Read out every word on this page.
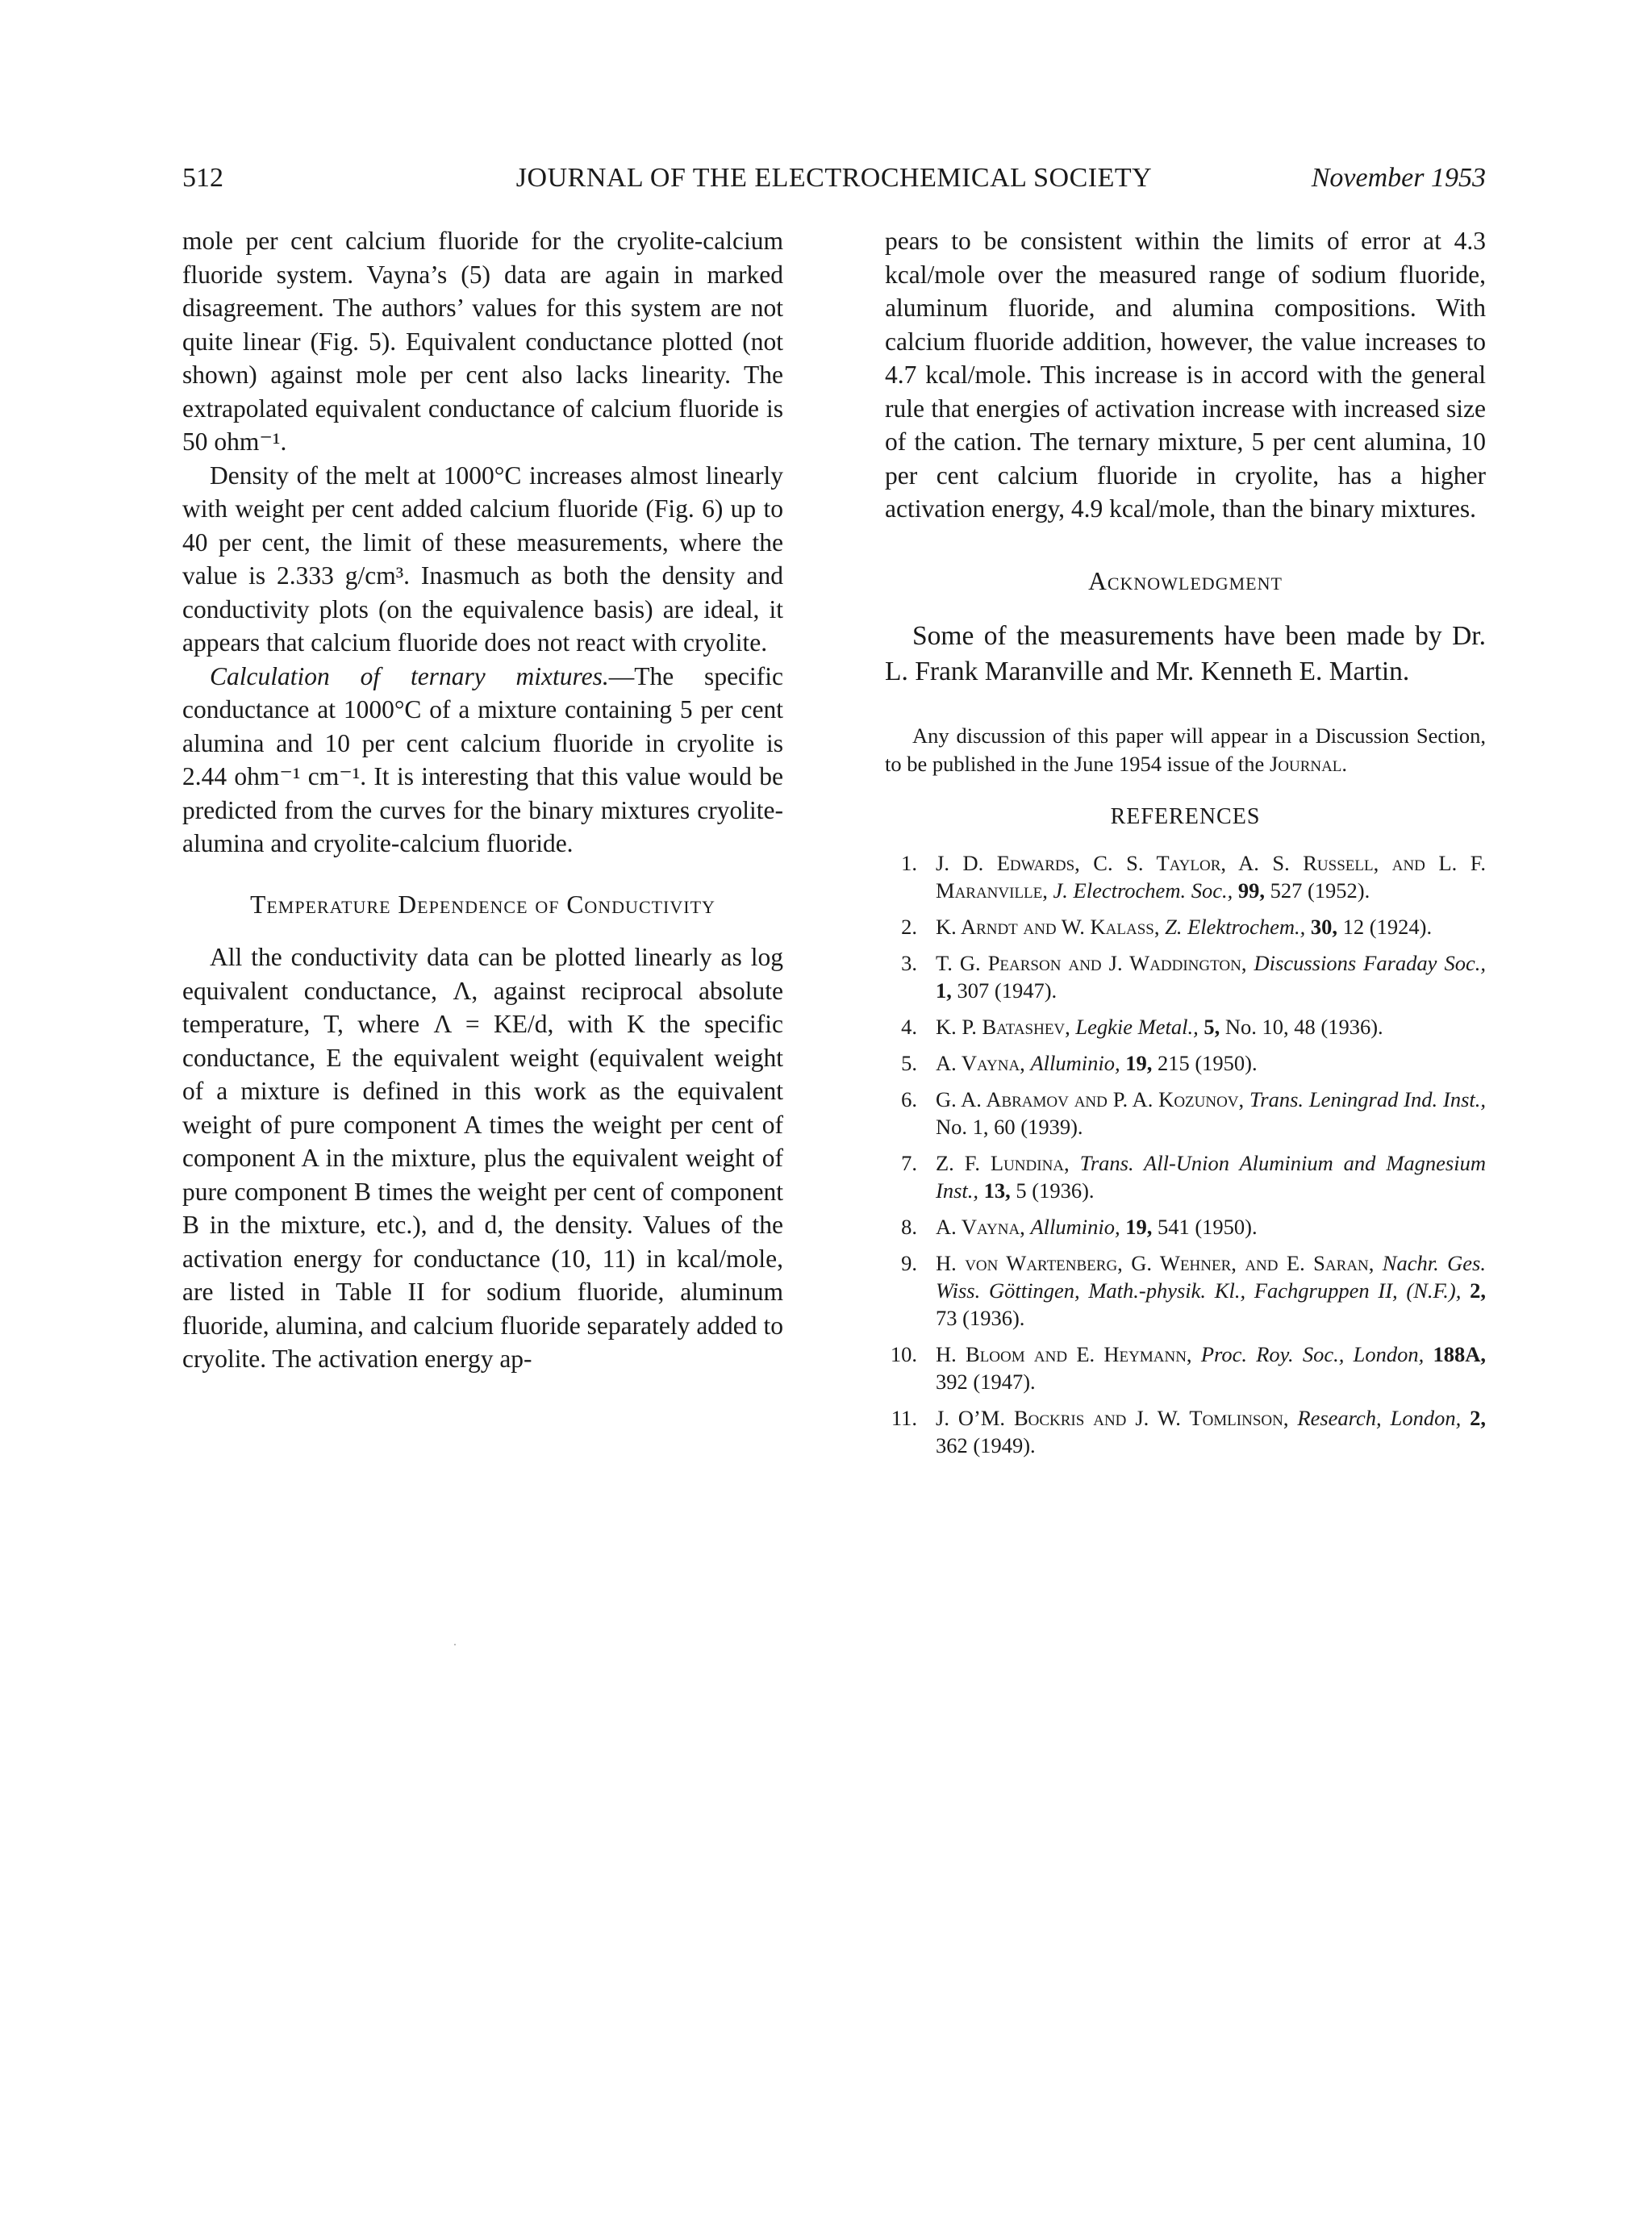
512	JOURNAL OF THE ELECTROCHEMICAL SOCIETY	November 1953

mole per cent calcium fluoride for the cryolite-calcium fluoride system. Vayna’s (5) data are again in marked disagreement. The authors’ values for this system are not quite linear (Fig. 5). Equivalent conductance plotted (not shown) against mole per cent also lacks linearity. The extrapolated equivalent conductance of calcium fluoride is 50 ohm⁻¹.

Density of the melt at 1000°C increases almost linearly with weight per cent added calcium fluoride (Fig. 6) up to 40 per cent, the limit of these measurements, where the value is 2.333 g/cm³. Inasmuch as both the density and conductivity plots (on the equivalence basis) are ideal, it appears that calcium fluoride does not react with cryolite.

Calculation of ternary mixtures.—The specific conductance at 1000°C of a mixture containing 5 per cent alumina and 10 per cent calcium fluoride in cryolite is 2.44 ohm⁻¹ cm⁻¹. It is interesting that this value would be predicted from the curves for the binary mixtures cryolite-alumina and cryolite-calcium fluoride.

Temperature Dependence of Conductivity

All the conductivity data can be plotted linearly as log equivalent conductance, Λ, against reciprocal absolute temperature, T, where Λ = KE/d, with K the specific conductance, E the equivalent weight (equivalent weight of a mixture is defined in this work as the equivalent weight of pure component A times the weight per cent of component A in the mixture, plus the equivalent weight of pure component B times the weight per cent of component B in the mixture, etc.), and d, the density. Values of the activation energy for conductance (10, 11) in kcal/mole, are listed in Table II for sodium fluoride, aluminum fluoride, alumina, and calcium fluoride separately added to cryolite. The activation energy ap-

pears to be consistent within the limits of error at 4.3 kcal/mole over the measured range of sodium fluoride, aluminum fluoride, and alumina compositions. With calcium fluoride addition, however, the value increases to 4.7 kcal/mole. This increase is in accord with the general rule that energies of activation increase with increased size of the cation. The ternary mixture, 5 per cent alumina, 10 per cent calcium fluoride in cryolite, has a higher activation energy, 4.9 kcal/mole, than the binary mixtures.

Acknowledgment

Some of the measurements have been made by Dr. L. Frank Maranville and Mr. Kenneth E. Martin.

Any discussion of this paper will appear in a Discussion Section, to be published in the June 1954 issue of the Journal.

REFERENCES
1. J. D. Edwards, C. S. Taylor, A. S. Russell, and L. F. Maranville, J. Electrochem. Soc., 99, 527 (1952).
2. K. Arndt and W. Kalass, Z. Elektrochem., 30, 12 (1924).
3. T. G. Pearson and J. Waddington, Discussions Faraday Soc., 1, 307 (1947).
4. K. P. Batashev, Legkie Metal., 5, No. 10, 48 (1936).
5. A. Vayna, Alluminio, 19, 215 (1950).
6. G. A. Abramov and P. A. Kozunov, Trans. Leningrad Ind. Inst., No. 1, 60 (1939).
7. Z. F. Lundina, Trans. All-Union Aluminium and Magnesium Inst., 13, 5 (1936).
8. A. Vayna, Alluminio, 19, 541 (1950).
9. H. von Wartenberg, G. Wehner, and E. Saran, Nachr. Ges. Wiss. Göttingen, Math.-physik. Kl., Fachgruppen II, (N.F.), 2, 73 (1936).
10. H. Bloom and E. Heymann, Proc. Roy. Soc., London, 188A, 392 (1947).
11. J. O’M. Bockris and J. W. Tomlinson, Research, London, 2, 362 (1949).
